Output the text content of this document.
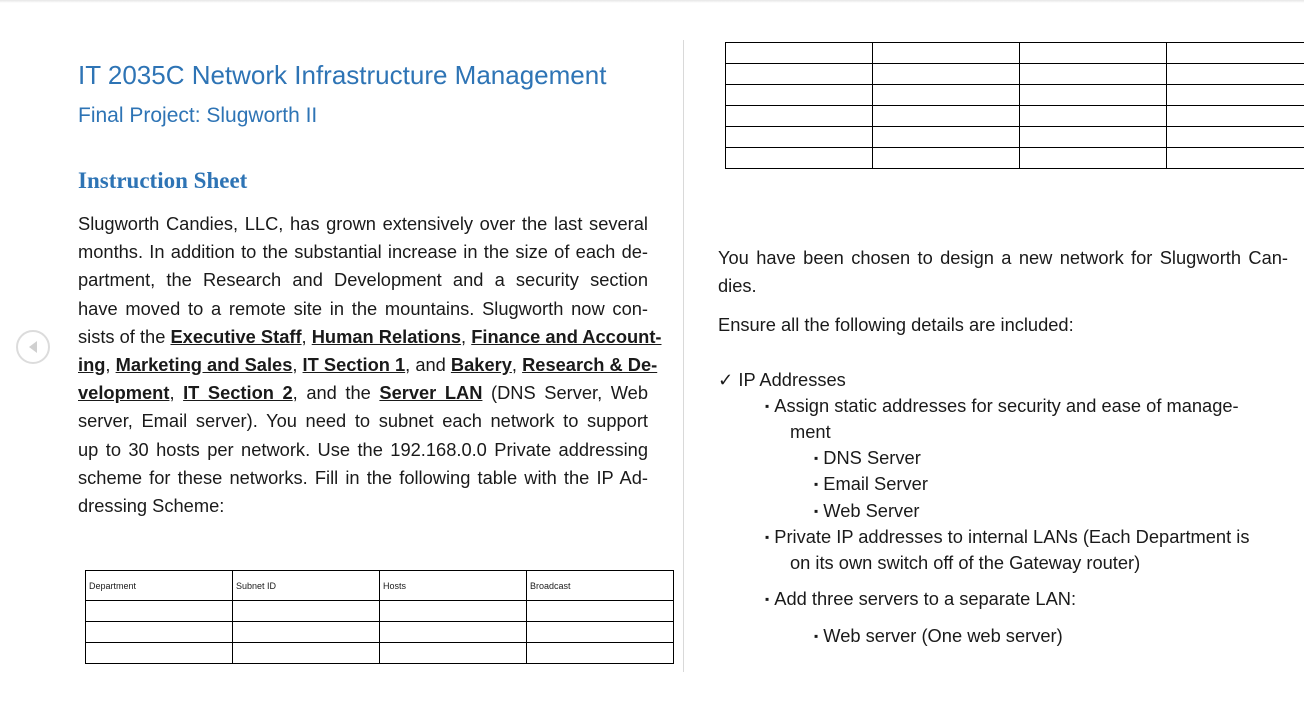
IT 2035C Network Infrastructure Management
Final Project: Slugworth II
Instruction Sheet
Slugworth Candies, LLC, has grown extensively over the last several
months. In addition to the substantial increase in the size of each de-
partment, the Research and Development and a security section
have moved to a remote site in the mountains. Slugworth now con-
sists of the Executive Staff, Human Relations, Finance and Account-
ing, Marketing and Sales, IT Section 1, and Bakery, Research & De-
velopment, IT Section 2, and the Server LAN (DNS Server, Web
server, Email server). You need to subnet each network to support
up to 30 hosts per network. Use the 192.168.0.0 Private addressing
scheme for these networks. Fill in the following table with the IP Ad-
dressing Scheme:
Department	Subnet ID	Hosts	Broadcast

You have been chosen to design a new network for Slugworth Can-
dies.
Ensure all the following details are included:
✓ IP Addresses
▪ Assign static addresses for security and ease of manage-
ment
▪ DNS Server
▪ Email Server
▪ Web Server
▪ Private IP addresses to internal LANs (Each Department is
on its own switch off of the Gateway router)
▪ Add three servers to a separate LAN:
▪ Web server (One web server)
